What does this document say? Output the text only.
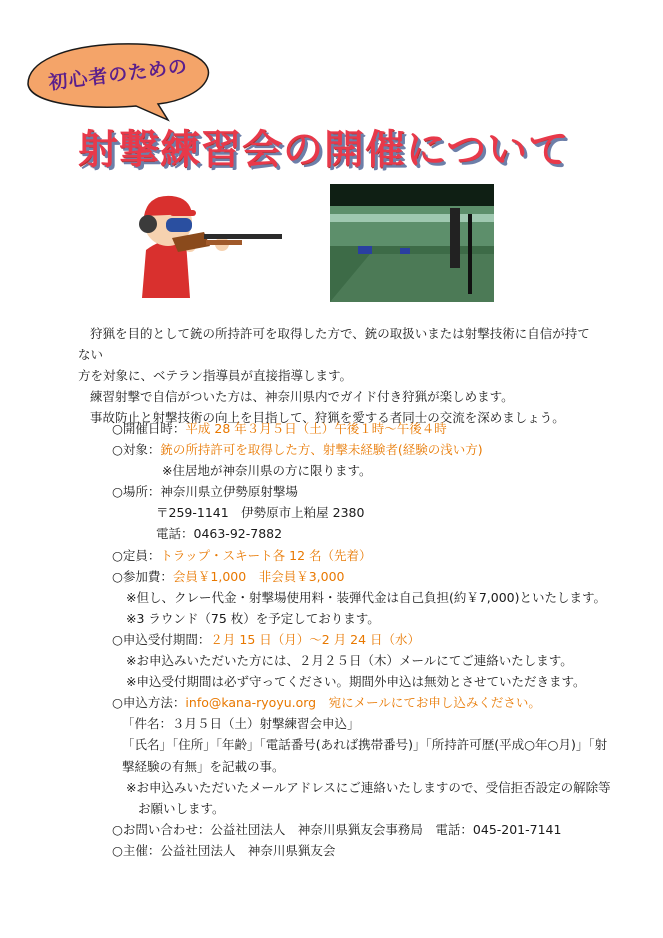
初心者のための
射撃練習会の開催について

狩猟を目的として銃の所持許可を取得した方で、銃の取扱いまたは射撃技術に自信が持てない

方を対象に、ベテラン指導員が直接指導します。

練習射撃で自信がついた方は、神奈川県内でガイド付き狩猟が楽しめます。

事故防止と射撃技術の向上を目指して、狩猟を愛する者同士の交流を深めましょう。

○開催日時：平成 28 年３月５日（土）午後１時～午後４時
○対象：銃の所持許可を取得した方、射撃未経験者(経験の浅い方)
※住居地が神奈川県の方に限ります。
○場所：神奈川県立伊勢原射撃場
〒259-1141　伊勢原市上粕屋 2380
電話：0463-92-7882
○定員：トラップ・スキート各 12 名（先着）
○参加費：会員￥1,000　非会員￥3,000
※但し、クレー代金・射撃場使用料・装弾代金は自己負担(約￥7,000)といたします。
※3 ラウンド（75 枚）を予定しております。
○申込受付期間：２月 15 日（月）～2 月 24 日（水）
※お申込みいただいた方には、２月２５日（木）メールにてご連絡いたします。
※申込受付期間は必ず守ってください。期間外申込は無効とさせていただきます。
○申込方法：info@kana-ryoyu.org　宛にメールにてお申し込みください。
「件名：３月５日（土）射撃練習会申込」
「氏名」「住所」「年齢」「電話番号(あれば携帯番号)」「所持許可歴(平成○年○月)」「射
撃経験の有無」を記載の事。
※お申込みいただいたメールアドレスにご連絡いたしますので、受信拒否設定の解除等
お願いします。
○お問い合わせ：公益社団法人　神奈川県猟友会事務局　電話：045-201-7141
○主催：公益社団法人　神奈川県猟友会
